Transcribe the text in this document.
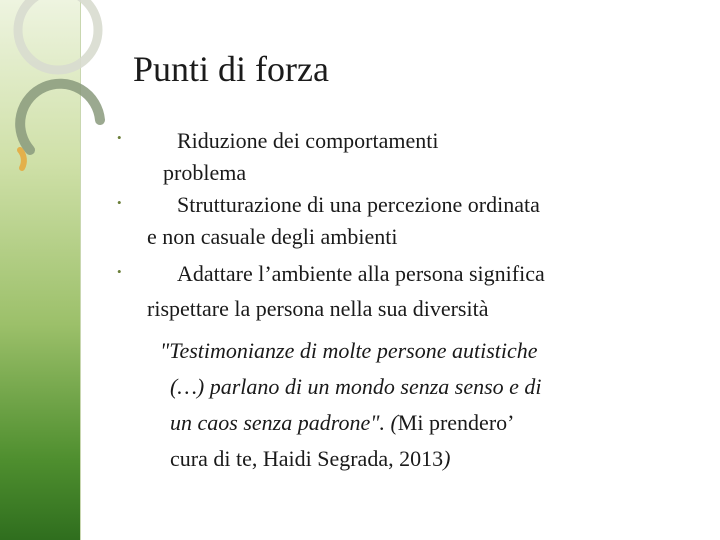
Punti di forza
•	Riduzione dei comportamenti
problema
•	Strutturazione di una percezione ordinata
e non casuale degli ambienti
•	Adattare l’ambiente alla persona significa
rispettare la persona nella sua diversità
"Testimonianze di molte persone autistiche
(…) parlano di un mondo senza senso e di
un caos senza padrone". (Mi prendero’
cura di te, Haidi Segrada, 2013)
